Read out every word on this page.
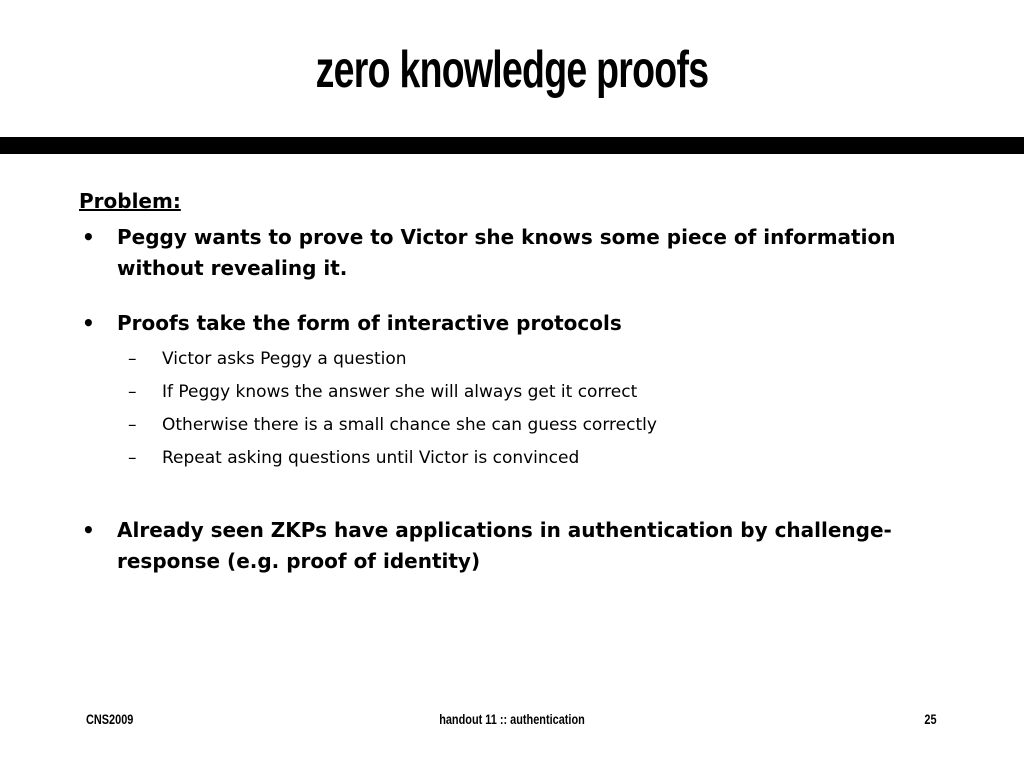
zero knowledge proofs
Problem:
• Peggy wants to prove to Victor she knows some piece of information without revealing it.
• Proofs take the form of interactive protocols
– Victor asks Peggy a question
– If Peggy knows the answer she will always get it correct
– Otherwise there is a small chance she can guess correctly
– Repeat asking questions until Victor is convinced
• Already seen ZKPs have applications in authentication by challenge-response (e.g. proof of identity)
CNS2009	handout 11 :: authentication	25
